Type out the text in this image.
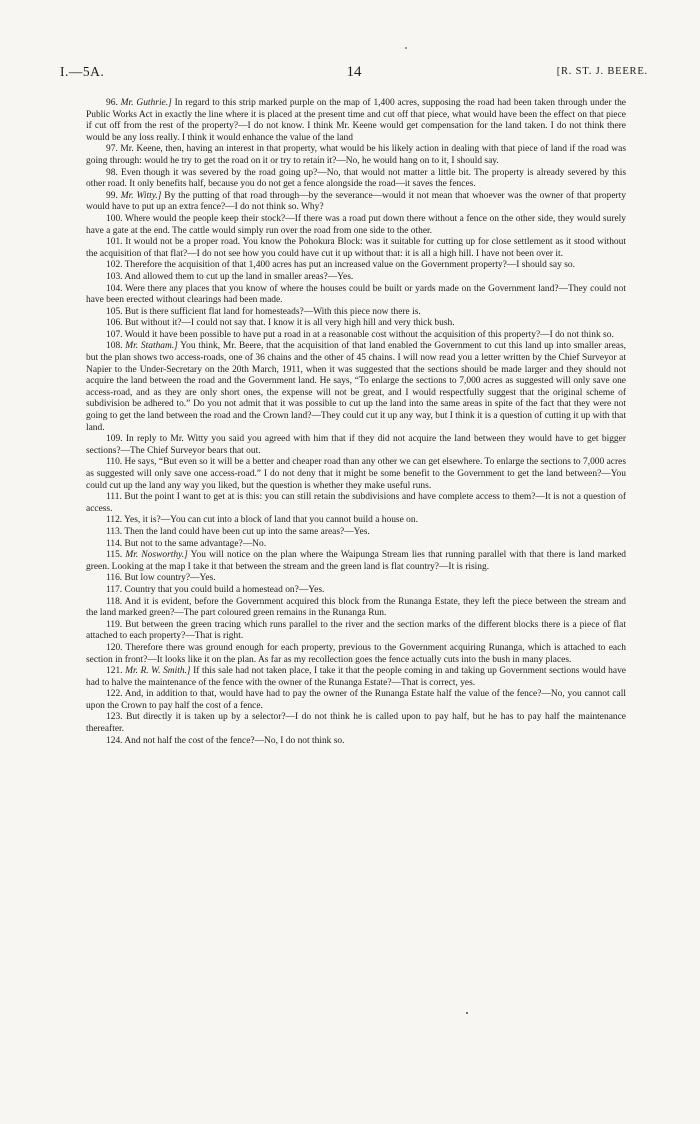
I.—5A.	14	[R. ST. J. BEERE.

96. Mr. Guthrie.] In regard to this strip marked purple on the map of 1,400 acres, supposing the road had been taken through under the Public Works Act in exactly the line where it is placed at the present time and cut off that piece, what would have been the effect on that piece if cut off from the rest of the property?—I do not know. I think Mr. Keene would get compensation for the land taken. I do not think there would be any loss really. I think it would enhance the value of the land

97. Mr. Keene, then, having an interest in that property, what would be his likely action in dealing with that piece of land if the road was going through: would he try to get the road on it or try to retain it?—No, he would hang on to it, I should say.

98. Even though it was severed by the road going up?—No, that would not matter a little bit. The property is already severed by this other road. It only benefits half, because you do not get a fence alongside the road—it saves the fences.

99. Mr. Witty.] By the putting of that road through—by the severance—would it not mean that whoever was the owner of that property would have to put up an extra fence?—I do not think so. Why?

100. Where would the people keep their stock?—If there was a road put down there without a fence on the other side, they would surely have a gate at the end. The cattle would simply run over the road from one side to the other.

101. It would not be a proper road. You know the Pohokura Block: was it suitable for cutting up for close settlement as it stood without the acquisition of that flat?—I do not see how you could have cut it up without that: it is all a high hill. I have not been over it.

102. Therefore the acquisition of that 1,400 acres has put an increased value on the Government property?—I should say so.

103. And allowed them to cut up the land in smaller areas?—Yes.

104. Were there any places that you know of where the houses could be built or yards made on the Government land?—They could not have been erected without clearings had been made.

105. But is there sufficient flat land for homesteads?—With this piece now there is.

106. But without it?—I could not say that. I know it is all very high hill and very thick bush.

107. Would it have been possible to have put a road in at a reasonable cost without the acquisition of this property?—I do not think so.

108. Mr. Statham.] You think, Mr. Beere, that the acquisition of that land enabled the Government to cut this land up into smaller areas, but the plan shows two access-roads, one of 36 chains and the other of 45 chains. I will now read you a letter written by the Chief Surveyor at Napier to the Under-Secretary on the 20th March, 1911, when it was suggested that the sections should be made larger and they should not acquire the land between the road and the Government land. He says, “To enlarge the sections to 7,000 acres as suggested will only save one access-road, and as they are only short ones, the expense will not be great, and I would respectfully suggest that the original scheme of subdivision be adhered to.” Do you not admit that it was possible to cut up the land into the same areas in spite of the fact that they were not going to get the land between the road and the Crown land?—They could cut it up any way, but I think it is a question of cutting it up with that land.

109. In reply to Mr. Witty you said you agreed with him that if they did not acquire the land between they would have to get bigger sections?—The Chief Surveyor bears that out.

110. He says, “But even so it will be a better and cheaper road than any other we can get elsewhere. To enlarge the sections to 7,000 acres as suggested will only save one access-road.” I do not deny that it might be some benefit to the Government to get the land between?—You could cut up the land any way you liked, but the question is whether they make useful runs.

111. But the point I want to get at is this: you can still retain the subdivisions and have complete access to them?—It is not a question of access.

112. Yes, it is?—You can cut into a block of land that you cannot build a house on.

113. Then the land could have been cut up into the same areas?—Yes.

114. But not to the same advantage?—No.

115. Mr. Nosworthy.] You will notice on the plan where the Waipunga Stream lies that running parallel with that there is land marked green. Looking at the map I take it that between the stream and the green land is flat country?—It is rising.

116. But low country?—Yes.

117. Country that you could build a homestead on?—Yes.

118. And it is evident, before the Government acquired this block from the Runanga Estate, they left the piece between the stream and the land marked green?—The part coloured green remains in the Runanga Run.

119. But between the green tracing which runs parallel to the river and the section marks of the different blocks there is a piece of flat attached to each property?—That is right.

120. Therefore there was ground enough for each property, previous to the Government acquiring Runanga, which is attached to each section in front?—It looks like it on the plan. As far as my recollection goes the fence actually cuts into the bush in many places.

121. Mr. R. W. Smith.] If this sale had not taken place, I take it that the people coming in and taking up Government sections would have had to halve the maintenance of the fence with the owner of the Runanga Estate?—That is correct, yes.

122. And, in addition to that, would have had to pay the owner of the Runanga Estate half the value of the fence?—No, you cannot call upon the Crown to pay half the cost of a fence.

123. But directly it is taken up by a selector?—I do not think he is called upon to pay half, but he has to pay half the maintenance thereafter.

124. And not half the cost of the fence?—No, I do not think so.
